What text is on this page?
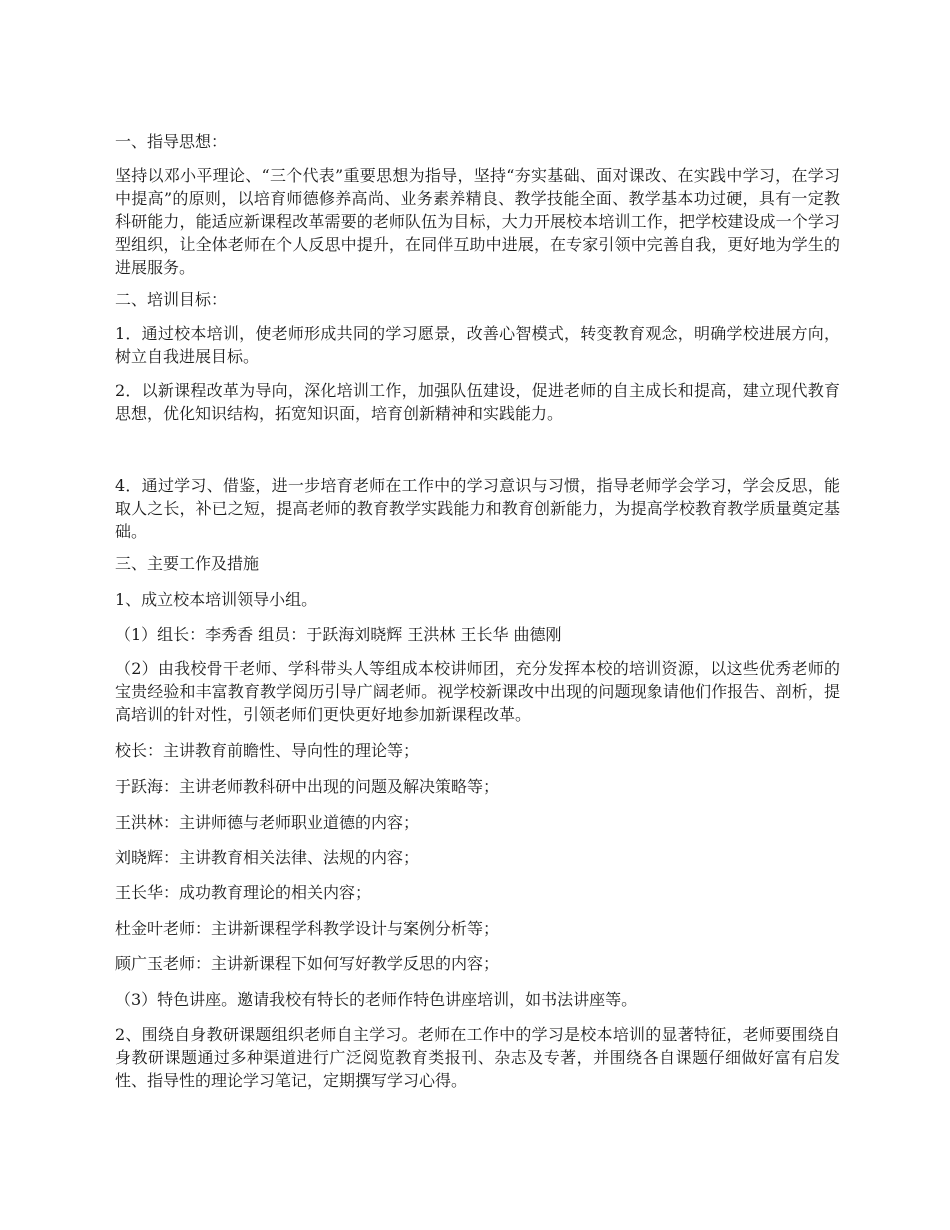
一、指导思想：

坚持以邓小平理论、“三个代表”重要思想为指导，坚持“夯实基础、面对课改、在实践中学习，在学习中提高”的原则，以培育师德修养高尚、业务素养精良、教学技能全面、教学基本功过硬，具有一定教科研能力，能适应新课程改革需要的老师队伍为目标，大力开展校本培训工作，把学校建设成一个学习型组织，让全体老师在个人反思中提升，在同伴互助中进展，在专家引领中完善自我，更好地为学生的进展服务。

二、培训目标：

1．通过校本培训，使老师形成共同的学习愿景，改善心智模式，转变教育观念，明确学校进展方向，树立自我进展目标。

2．以新课程改革为导向，深化培训工作，加强队伍建设，促进老师的自主成长和提高，建立现代教育思想，优化知识结构，拓宽知识面，培育创新精神和实践能力。

4．通过学习、借鉴，进一步培育老师在工作中的学习意识与习惯，指导老师学会学习，学会反思，能取人之长，补已之短，提高老师的教育教学实践能力和教育创新能力，为提高学校教育教学质量奠定基础。

三、主要工作及措施

1、成立校本培训领导小组。

（1）组长：李秀香 组员：于跃海刘晓辉 王洪林 王长华 曲德刚

（2）由我校骨干老师、学科带头人等组成本校讲师团，充分发挥本校的培训资源，以这些优秀老师的宝贵经验和丰富教育教学阅历引导广阔老师。视学校新课改中出现的问题现象请他们作报告、剖析，提高培训的针对性，引领老师们更快更好地参加新课程改革。

校长：主讲教育前瞻性、导向性的理论等；

于跃海：主讲老师教科研中出现的问题及解决策略等；

王洪林：主讲师德与老师职业道德的内容；

刘晓辉：主讲教育相关法律、法规的内容；

王长华：成功教育理论的相关内容；

杜金叶老师：主讲新课程学科教学设计与案例分析等；

顾广玉老师：主讲新课程下如何写好教学反思的内容；

（3）特色讲座。邀请我校有特长的老师作特色讲座培训，如书法讲座等。

2、围绕自身教研课题组织老师自主学习。老师在工作中的学习是校本培训的显著特征，老师要围绕自身教研课题通过多种渠道进行广泛阅览教育类报刊、杂志及专著，并围绕各自课题仔细做好富有启发性、指导性的理论学习笔记，定期撰写学习心得。
